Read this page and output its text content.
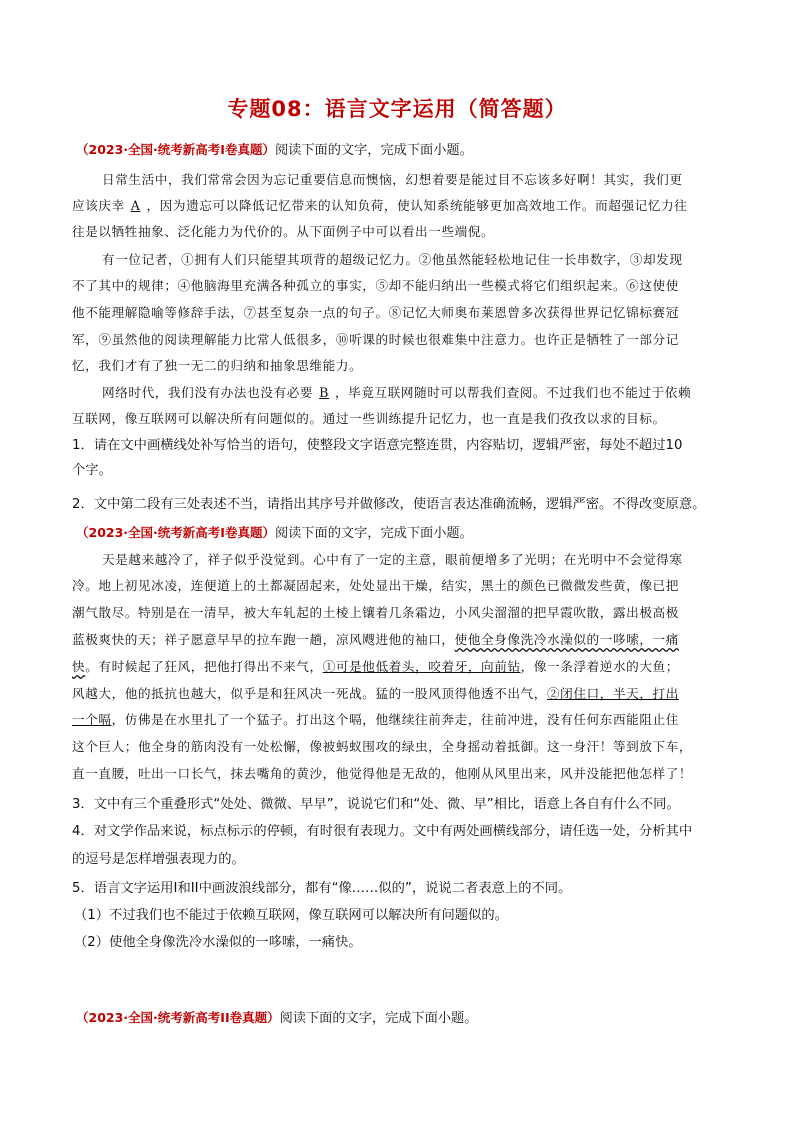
专题08：语言文字运用（简答题）
（2023·全国·统考新高考I卷真题）阅读下面的文字，完成下面小题。
日常生活中，我们常常会因为忘记重要信息而懊恼，幻想着要是能过目不忘该多好啊！其实，我们更
应该庆幸 A ，因为遗忘可以降低记忆带来的认知负荷，使认知系统能够更加高效地工作。而超强记忆力往
往是以牺牲抽象、泛化能力为代价的。从下面例子中可以看出一些端倪。
有一位记者，①拥有人们只能望其项背的超级记忆力。②他虽然能轻松地记住一长串数字，③却发现
不了其中的规律；④他脑海里充满各种孤立的事实，⑤却不能归纳出一些模式将它们组织起来。⑥这使使
他不能理解隐喻等修辞手法，⑦甚至复杂一点的句子。⑧记忆大师奥布莱恩曾多次获得世界记忆锦标赛冠
军，⑨虽然他的阅读理解能力比常人低很多，⑩听课的时候也很难集中注意力。也许正是牺牲了一部分记
忆，我们才有了独一无二的归纳和抽象思维能力。
网络时代，我们没有办法也没有必要 B ，毕竟互联网随时可以帮我们查阅。不过我们也不能过于依赖
互联网，像互联网可以解决所有问题似的。通过一些训练提升记忆力，也一直是我们孜孜以求的目标。
1．请在文中画横线处补写恰当的语句，使整段文字语意完整连贯，内容贴切，逻辑严密，每处不超过10
个字。
2．文中第二段有三处表述不当，请指出其序号并做修改，使语言表达准确流畅，逻辑严密。不得改变原意。
（2023·全国·统考新高考I卷真题）阅读下面的文字，完成下面小题。
天是越来越冷了，祥子似乎没觉到。心中有了一定的主意，眼前便增多了光明；在光明中不会觉得寒
冷。地上初见冰凌，连便道上的土都凝固起来，处处显出干燥，结实，黑土的颜色已微微发些黄，像已把
潮气散尽。特别是在一清早，被大车轧起的土棱上镶着几条霜边，小风尖溜溜的把早霞吹散，露出极高极
蓝极爽快的天；祥子愿意早早的拉车跑一趟，凉风飕进他的袖口，使他全身像洗冷水澡似的一哆嗦，一痛
快。有时候起了狂风，把他打得出不来气，①可是他低着头，咬着牙，向前钻，像一条浮着逆水的大鱼；
风越大，他的抵抗也越大，似乎是和狂风决一死战。猛的一股风顶得他透不出气，②闭住口，半天，打出
一个嗝，仿佛是在水里扎了一个猛子。打出这个嗝，他继续往前奔走，往前冲进，没有任何东西能阻止住
这个巨人；他全身的筋肉没有一处松懈，像被蚂蚁围攻的绿虫，全身摇动着抵御。这一身汗！等到放下车，
直一直腰，吐出一口长气，抹去嘴角的黄沙，他觉得他是无敌的，他刚从风里出来，风并没能把他怎样了！
3．文中有三个重叠形式“处处、微微、早早”，说说它们和“处、微、早”相比，语意上各自有什么不同。
4．对文学作品来说，标点标示的停顿，有时很有表现力。文中有两处画横线部分，请任选一处，分析其中
的逗号是怎样增强表现力的。
5．语言文字运用I和II中画波浪线部分，都有“像……似的”，说说二者表意上的不同。
（1）不过我们也不能过于依赖互联网，像互联网可以解决所有问题似的。
（2）使他全身像洗冷水澡似的一哆嗦，一痛快。
（2023·全国·统考新高考II卷真题）阅读下面的文字，完成下面小题。
